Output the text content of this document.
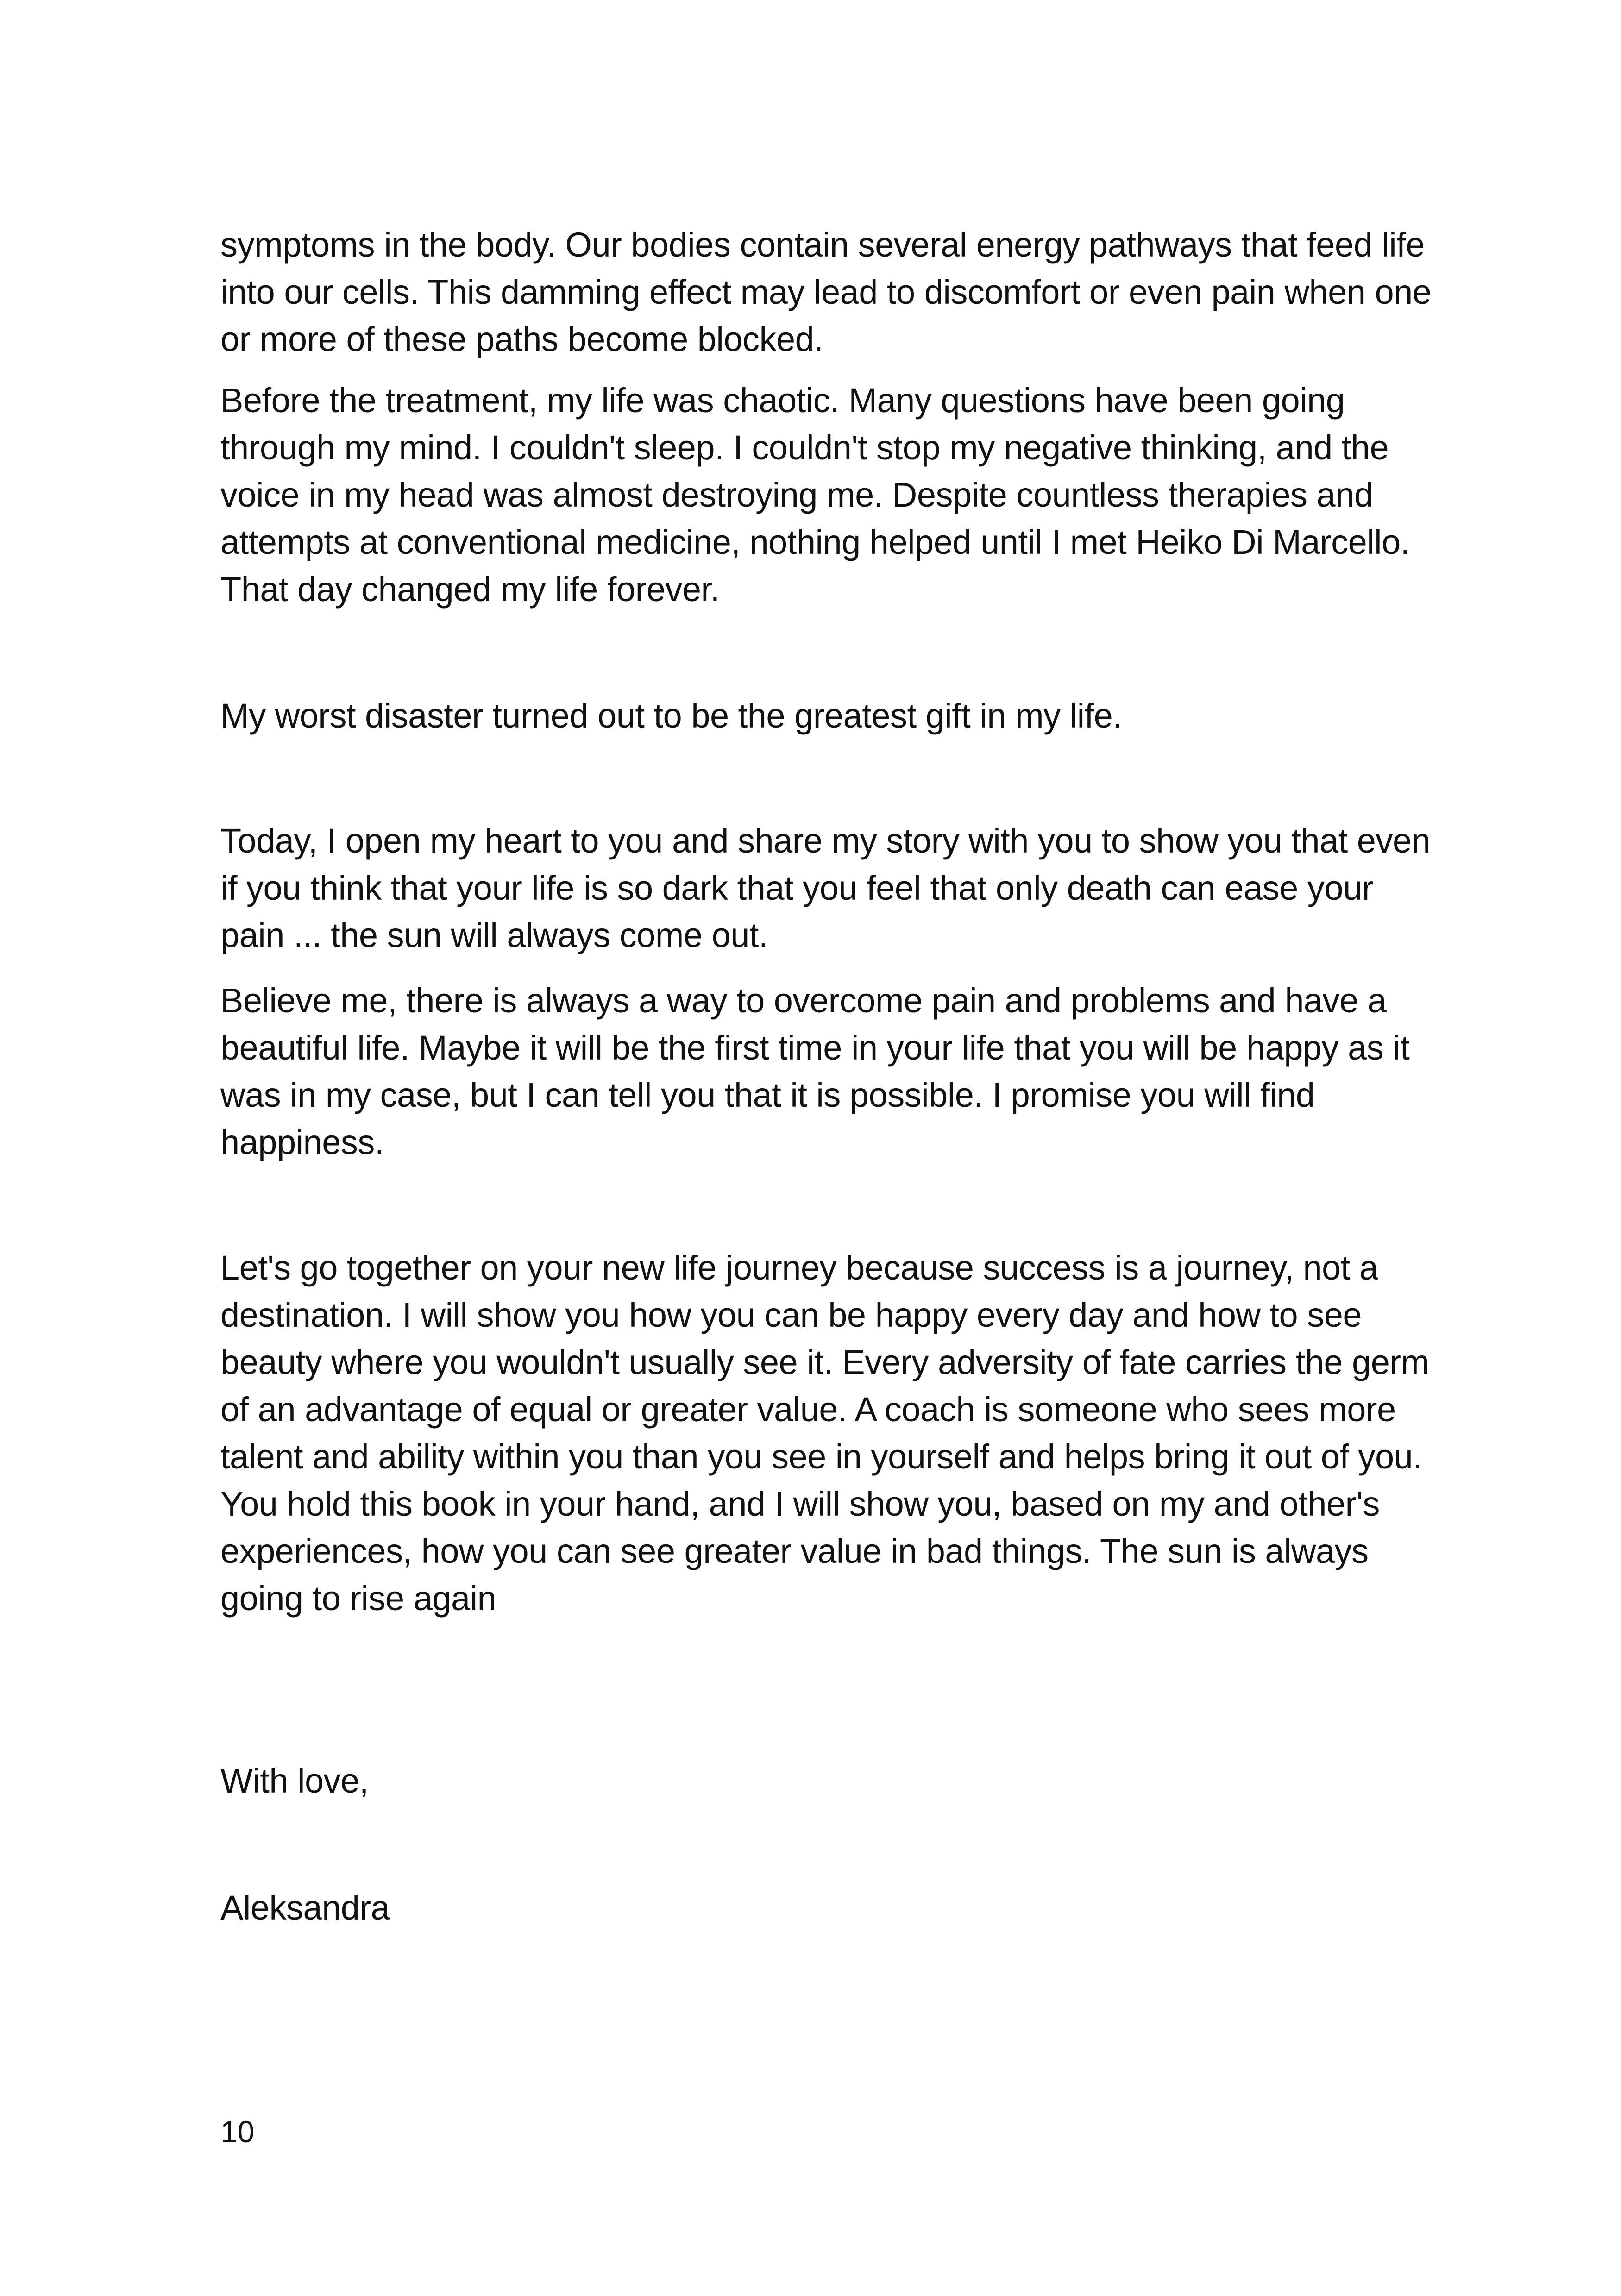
symptoms in the body. Our bodies contain several energy pathways that feed life into our cells. This damming effect may lead to discomfort or even pain when one or more of these paths become blocked.

Before the treatment, my life was chaotic. Many questions have been going through my mind. I couldn't sleep. I couldn't stop my negative thinking, and the voice in my head was almost destroying me. Despite countless therapies and attempts at conventional medicine, nothing helped until I met Heiko Di Marcello. That day changed my life forever.

My worst disaster turned out to be the greatest gift in my life.

Today, I open my heart to you and share my story with you to show you that even if you think that your life is so dark that you feel that only death can ease your pain ... the sun will always come out.

Believe me, there is always a way to overcome pain and problems and have a beautiful life. Maybe it will be the first time in your life that you will be happy as it was in my case, but I can tell you that it is possible. I promise you will find happiness.

Let's go together on your new life journey because success is a journey, not a destination. I will show you how you can be happy every day and how to see beauty where you wouldn't usually see it. Every adversity of fate carries the germ of an advantage of equal or greater value. A coach is someone who sees more talent and ability within you than you see in yourself and helps bring it out of you. You hold this book in your hand, and I will show you, based on my and other's experiences, how you can see greater value in bad things. The sun is always going to rise again

With love,

Aleksandra

10
